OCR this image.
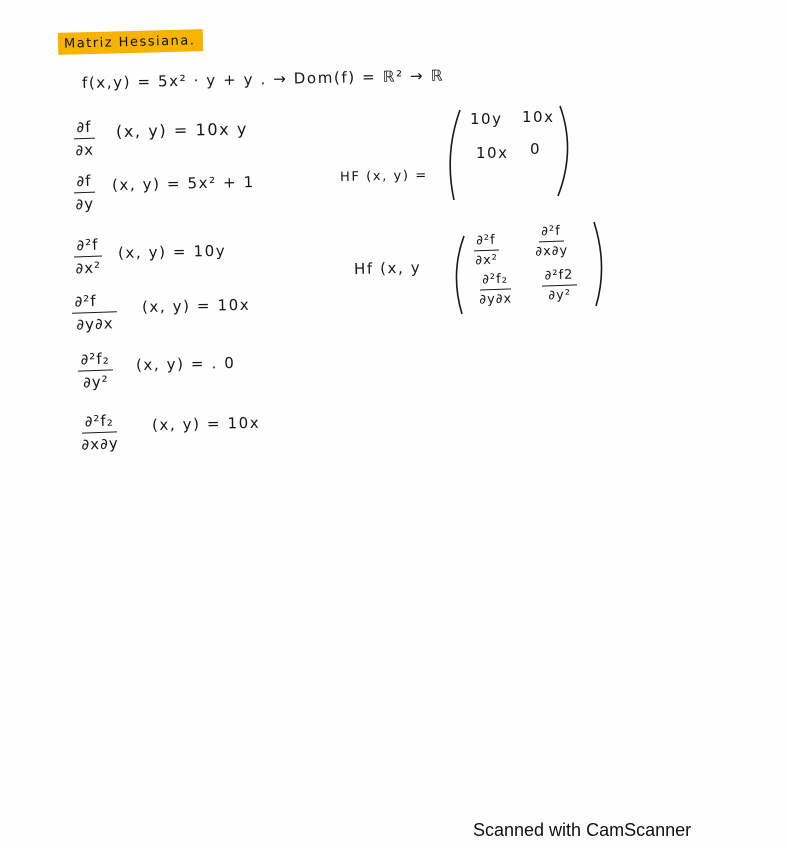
Matriz Hessiana.
f(x,y) = 5x² · y + y . → Dom(f) = ℝ² → ℝ
$\frac{\partial f}{\partial x} (x$, y) = 10x y
$\frac{\partial f}{\partial y} (x$, y) = 5x² + 1
$\frac{\text{∂²f}}{\text{∂x²}} (x$, y) = 10y
$\frac{\text{∂²f}}{\partial y\partial x} (x$, y) = 10x
$\frac{\text{∂²f₂}}{\text{∂y²}} (x$, y) = . 0
$\frac{\text{∂²f₂}}{\partial x\partial y} (x$, y) = 10x
HF (x, y) =
10y 10x
10x 0
Hf (x, y	$\frac{\text{∂²f}}{\text{∂x²}} \frac{\text{∂²f}}{\partial x\partial y}$
$\frac{\text{∂²f₂}}{\partial y\partial x} \frac{\text{∂²f2}}{\text{∂y²}}$
Scanned with CamScanner
